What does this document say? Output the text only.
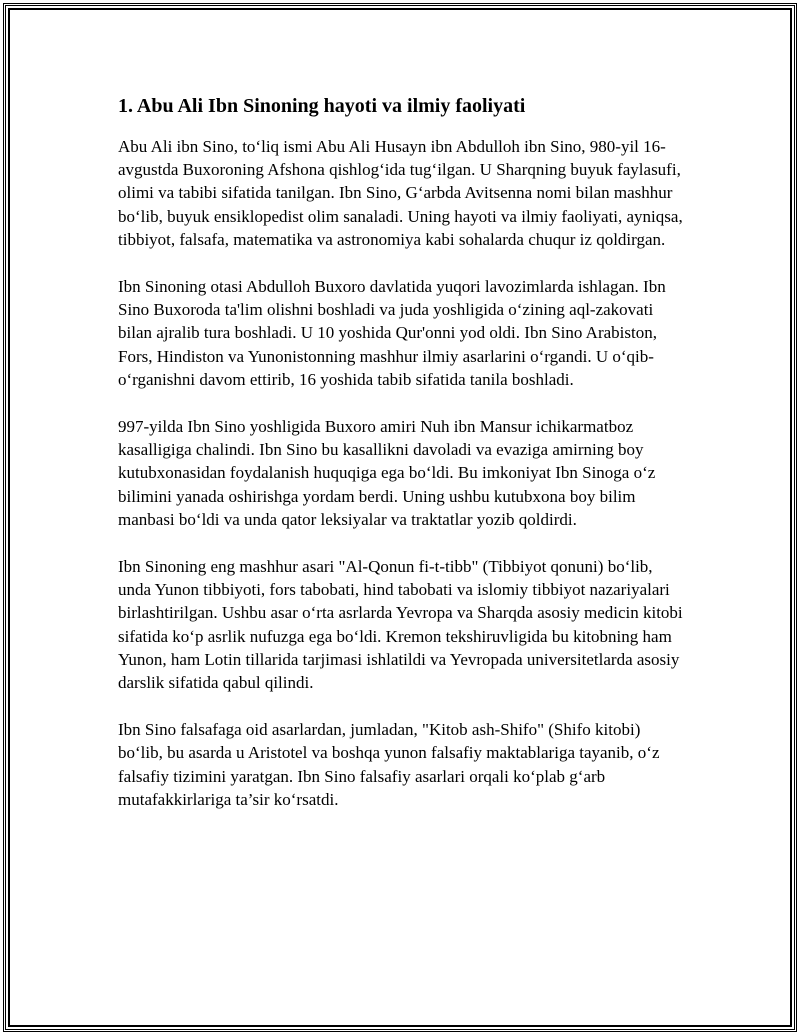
1. Abu Ali Ibn Sinoning hayoti va ilmiy faoliyati

Abu Ali ibn Sino, to‘liq ismi Abu Ali Husayn ibn Abdulloh ibn Sino, 980-yil 16-avgustda Buxoroning Afshona qishlog‘ida tug‘ilgan. U Sharqning buyuk faylasufi, olimi va tabibi sifatida tanilgan. Ibn Sino, G‘arbda Avitsenna nomi bilan mashhur bo‘lib, buyuk ensiklopedist olim sanaladi. Uning hayoti va ilmiy faoliyati, ayniqsa, tibbiyot, falsafa, matematika va astronomiya kabi sohalarda chuqur iz qoldirgan.

Ibn Sinoning otasi Abdulloh Buxoro davlatida yuqori lavozimlarda ishlagan. Ibn Sino Buxoroda ta'lim olishni boshladi va juda yoshligida o‘zining aql-zakovati bilan ajralib tura boshladi. U 10 yoshida Qur'onni yod oldi. Ibn Sino Arabiston, Fors, Hindiston va Yunonistonning mashhur ilmiy asarlarini o‘rgandi. U o‘qib-o‘rganishni davom ettirib, 16 yoshida tabib sifatida tanila boshladi.

997-yilda Ibn Sino yoshligida Buxoro amiri Nuh ibn Mansur ichikarmatboz kasalligiga chalindi. Ibn Sino bu kasallikni davoladi va evaziga amirning boy kutubxonasidan foydalanish huquqiga ega bo‘ldi. Bu imkoniyat Ibn Sinoga o‘z bilimini yanada oshirishga yordam berdi. Uning ushbu kutubxona boy bilim manbasi bo‘ldi va unda qator leksiyalar va traktatlar yozib qoldirdi.

Ibn Sinoning eng mashhur asari "Al-Qonun fi-t-tibb" (Tibbiyot qonuni) bo‘lib, unda Yunon tibbiyoti, fors tabobati, hind tabobati va islomiy tibbiyot nazariyalari birlashtirilgan. Ushbu asar o‘rta asrlarda Yevropa va Sharqda asosiy medicin kitobi sifatida ko‘p asrlik nufuzga ega bo‘ldi. Kremon tekshiruvligida bu kitobning ham Yunon, ham Lotin tillarida tarjimasi ishlatildi va Yevropada universitetlarda asosiy darslik sifatida qabul qilindi.

Ibn Sino falsafaga oid asarlardan, jumladan, "Kitob ash-Shifo" (Shifo kitobi) bo‘lib, bu asarda u Aristotel va boshqa yunon falsafiy maktablariga tayanib, o‘z falsafiy tizimini yaratgan. Ibn Sino falsafiy asarlari orqali ko‘plab g‘arb mutafakkirlariga ta’sir ko‘rsatdi.
